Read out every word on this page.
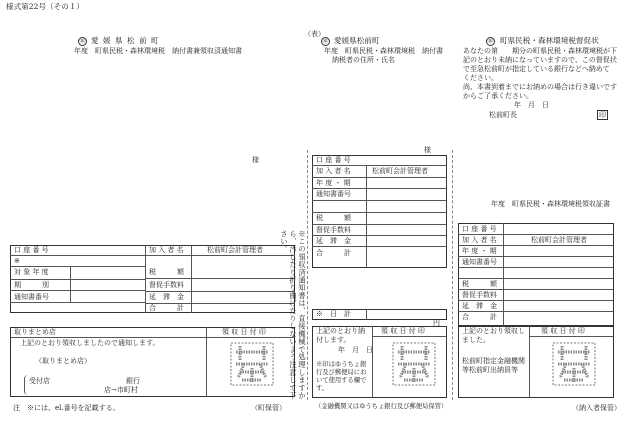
様式第22号（その１）
（表）
㊞ 愛 媛 県 松 前 町
年度　町県民税・森林環境税　納付書兼領収済通知書
様
口 座 番 号	加 入 者 名	松前町会計管理者
※
対 象 年 度
期　　　別
通知書番号
税　　　額
督促手数料
延　滞　金
合　　　計
取りまとめ店	領 収 日 付 印
上記のとおり領収しましたので通知します。
（取りまとめ店）
受付店	銀行
店→市町村
注　※には、el.番号を記載する。	（町保管）
※この領収済通知書は、直接機械で処理しますから、汚したり折り曲げたりしないよう注意して下さい。
㊞ 愛媛県松前町
年度　町県民税・森林環境税　納付書
納税者の住所・氏名
様
口 座 番 号
加 入 者 名	松前町会計管理者
年 度 ・ 期
通知書番号
税　　　額
督促手数料
延　滞　金
合　　　計
※　日　計
円
上記のとおり納付します。
年　月　日
※印はゆうちょ銀行及び郵便局において使用する欄です。
領 収 日 付 印
（金融機関又はゆうちょ銀行及び郵便局保管）
㊞ 町県民税・森林環境税督促状
あなたの第　　期分の町県民税・森林環境税が下
記のとおり未納になっていますので、この督促状
で至急松前町が指定している銀行などへ納めて
ください。
尚、本書到着までにお納めの場合は行き違いです
からご了承ください。
年　月　日
松前町長	印
年度　町県民税・森林環境税領収証書
口 座 番 号
加 入 者 名	松前町会計管理者
年 度 ・ 期
通知書番号
税　　　額
督促手数料
延　滞　金
合　　　計
上記のとおり領収しました。
松前町指定金融機関等松前町出納員等
領 収 日 付 印
（納入者保管）
